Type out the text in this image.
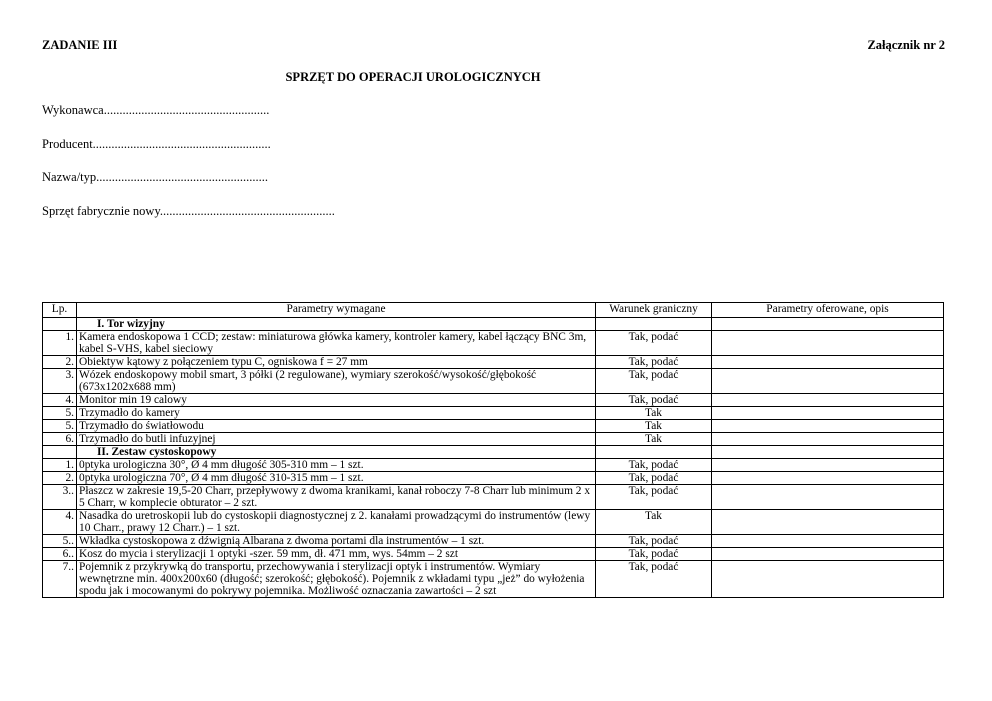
ZADANIE III	Załącznik nr 2
SPRZĘT DO OPERACJI UROLOGICZNYCH
Wykonawca.....................................................
Producent.........................................................
Nazwa/typ.......................................................
Sprzęt fabrycznie nowy........................................................
Lp.	Parametry wymagane	Warunek graniczny	Parametry oferowane, opis
	I. Tor wizyjny		
1.	Kamera endoskopowa 1 CCD; zestaw: miniaturowa główka kamery, kontroler kamery, kabel łączący BNC 3m, kabel S-VHS, kabel sieciowy	Tak, podać	
2.	Obiektyw kątowy z połączeniem typu C, ogniskowa f = 27 mm	Tak, podać	
3.	Wózek endoskopowy mobil smart, 3 półki (2 regulowane), wymiary szerokość/wysokość/głębokość (673x1202x688 mm)	Tak, podać	
4.	Monitor min 19 calowy	Tak, podać	
5.	Trzymadło do kamery	Tak	
5.	Trzymadło do światłowodu	Tak	
6.	Trzymadło do butli infuzyjnej	Tak	
	II. Zestaw cystoskopowy		
1.	0ptyka urologiczna 30°, Ø 4 mm długość 305-310 mm – 1 szt.	Tak, podać	
2.	0ptyka urologiczna 70°, Ø 4 mm długość 310-315 mm – 1 szt.	Tak, podać	
3..	Płaszcz w zakresie 19,5-20 Charr, przepływowy z dwoma kranikami, kanał roboczy 7-8 Charr lub minimum 2 x 5 Charr, w komplecie obturator – 2 szt.	Tak, podać	
4.	Nasadka do uretroskopii lub do cystoskopii diagnostycznej z 2. kanałami prowadzącymi do instrumentów (lewy 10 Charr., prawy 12 Charr.) – 1 szt.	Tak	
5..	Wkładka cystoskopowa z dźwignią Albarana z dwoma portami dla instrumentów – 1 szt.	Tak, podać	
6..	Kosz do mycia i sterylizacji 1 optyki -szer. 59 mm, dł. 471 mm, wys. 54mm – 2 szt	Tak, podać	
7..	Pojemnik z przykrywką do transportu, przechowywania i sterylizacji optyk i instrumentów. Wymiary wewnętrzne min. 400x200x60 (długość; szerokość; głębokość). Pojemnik z wkładami typu „jeż” do wyłożenia spodu jak i mocowanymi do pokrywy pojemnika. Możliwość oznaczania zawartości – 2 szt	Tak, podać	
